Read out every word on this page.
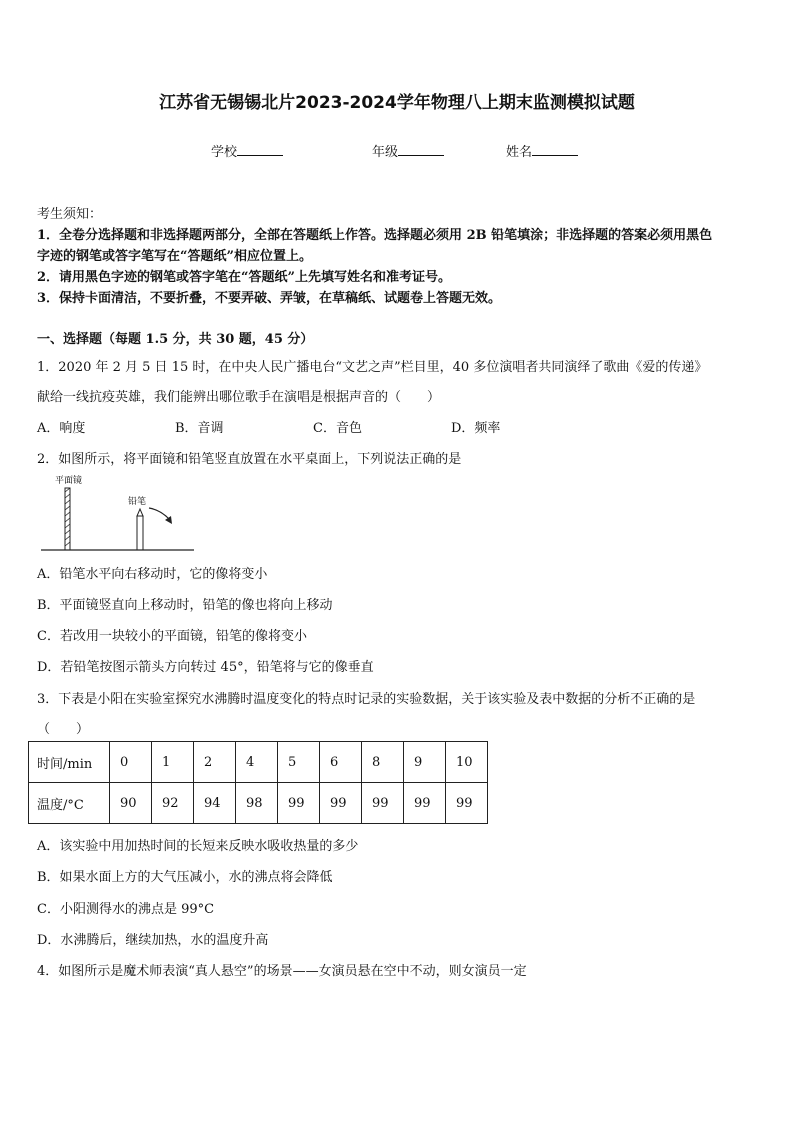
江苏省无锡锡北片2023-2024学年物理八上期末监测模拟试题
学校	年级	姓名
考生须知：
1．全卷分选择题和非选择题两部分，全部在答题纸上作答。选择题必须用 2B 铅笔填涂；非选择题的答案必须用黑色
字迹的钢笔或答字笔写在“答题纸”相应位置上。
2．请用黑色字迹的钢笔或答字笔在“答题纸”上先填写姓名和准考证号。
3．保持卡面清洁，不要折叠，不要弄破、弄皱，在草稿纸、试题卷上答题无效。
一、选择题（每题 1.5 分，共 30 题，45 分）
1．2020 年 2 月 5 日 15 时，在中央人民广播电台“文艺之声”栏目里，40 多位演唱者共同演绎了歌曲《爱的传递》
献给一线抗疫英雄，我们能辨出哪位歌手在演唱是根据声音的（　　）
A．响度	B．音调	C．音色	D．频率
2．如图所示，将平面镜和铅笔竖直放置在水平桌面上，下列说法正确的是
平面镜
铅笔
A．铅笔水平向右移动时，它的像将变小
B．平面镜竖直向上移动时，铅笔的像也将向上移动
C．若改用一块较小的平面镜，铅笔的像将变小
D．若铅笔按图示箭头方向转过 45°，铅笔将与它的像垂直
3．下表是小阳在实验室探究水沸腾时温度变化的特点时记录的实验数据，关于该实验及表中数据的分析不正确的是
（　　）
时间/min	0	1	2	4	5	6	8	9	10
温度/°C	90	92	94	98	99	99	99	99	99
A．该实验中用加热时间的长短来反映水吸收热量的多少
B．如果水面上方的大气压减小，水的沸点将会降低
C．小阳测得水的沸点是 99°C
D．水沸腾后，继续加热，水的温度升高
4．如图所示是魔术师表演“真人悬空”的场景——女演员悬在空中不动，则女演员一定
